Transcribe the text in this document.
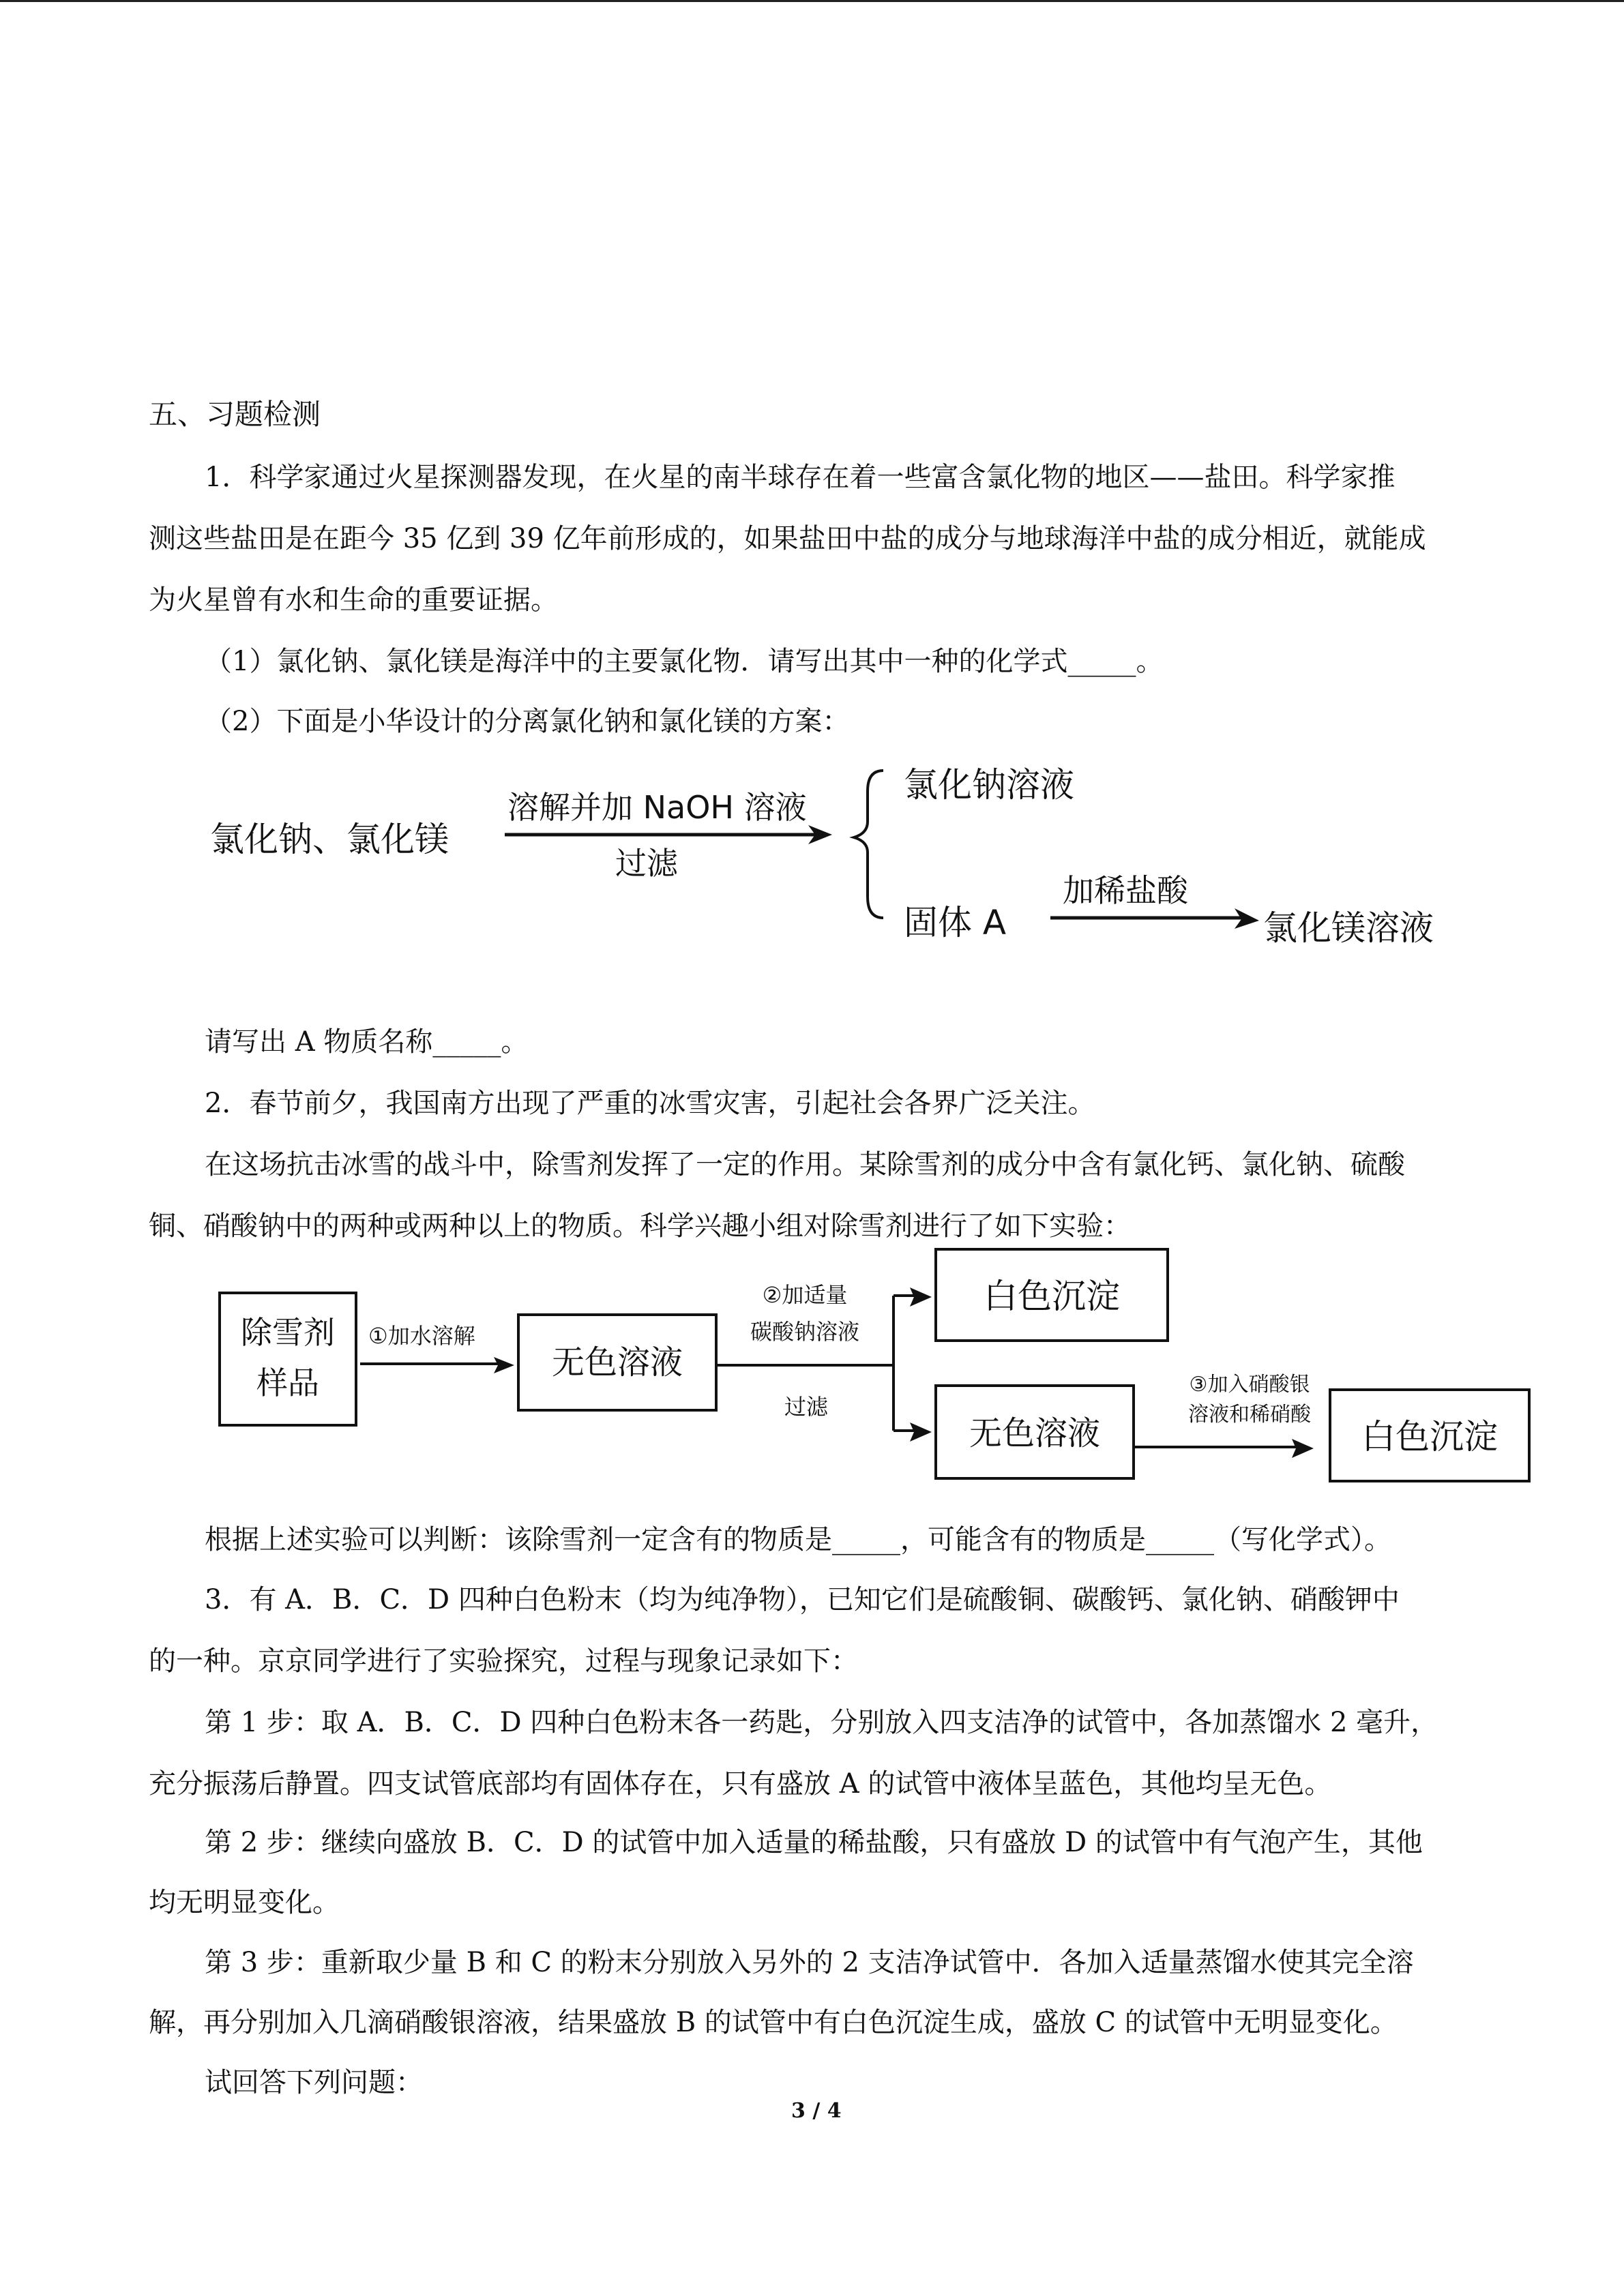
五、习题检测
1．科学家通过火星探测器发现，在火星的南半球存在着一些富含氯化物的地区——盐田。科学家推
测这些盐田是在距今 35 亿到 39 亿年前形成的，如果盐田中盐的成分与地球海洋中盐的成分相近，就能成
为火星曾有水和生命的重要证据。
（1）氯化钠、氯化镁是海洋中的主要氯化物．请写出其中一种的化学式_____。
（2）下面是小华设计的分离氯化钠和氯化镁的方案：
氯化钠、氯化镁
溶解并加 NaOH 溶液
过滤
氯化钠溶液
固体 A
加稀盐酸
氯化镁溶液
请写出 A 物质名称_____。
2．春节前夕，我国南方出现了严重的冰雪灾害，引起社会各界广泛关注。
在这场抗击冰雪的战斗中，除雪剂发挥了一定的作用。某除雪剂的成分中含有氯化钙、氯化钠、硫酸
铜、硝酸钠中的两种或两种以上的物质。科学兴趣小组对除雪剂进行了如下实验：
除雪剂
样品
①加水溶解
无色溶液
②加适量
碳酸钠溶液
过滤
白色沉淀
无色溶液
③加入硝酸银
溶液和稀硝酸
白色沉淀
根据上述实验可以判断：该除雪剂一定含有的物质是_____，可能含有的物质是_____（写化学式）。
3．有 A．B．C．D 四种白色粉末（均为纯净物），已知它们是硫酸铜、碳酸钙、氯化钠、硝酸钾中
的一种。京京同学进行了实验探究，过程与现象记录如下：
第 1 步：取 A．B．C．D 四种白色粉末各一药匙，分别放入四支洁净的试管中，各加蒸馏水 2 毫升，
充分振荡后静置。四支试管底部均有固体存在，只有盛放 A 的试管中液体呈蓝色，其他均呈无色。
第 2 步：继续向盛放 B．C．D 的试管中加入适量的稀盐酸，只有盛放 D 的试管中有气泡产生，其他
均无明显变化。
第 3 步：重新取少量 B 和 C 的粉末分别放入另外的 2 支洁净试管中．各加入适量蒸馏水使其完全溶
解，再分别加入几滴硝酸银溶液，结果盛放 B 的试管中有白色沉淀生成，盛放 C 的试管中无明显变化。
试回答下列问题：
3 / 4
